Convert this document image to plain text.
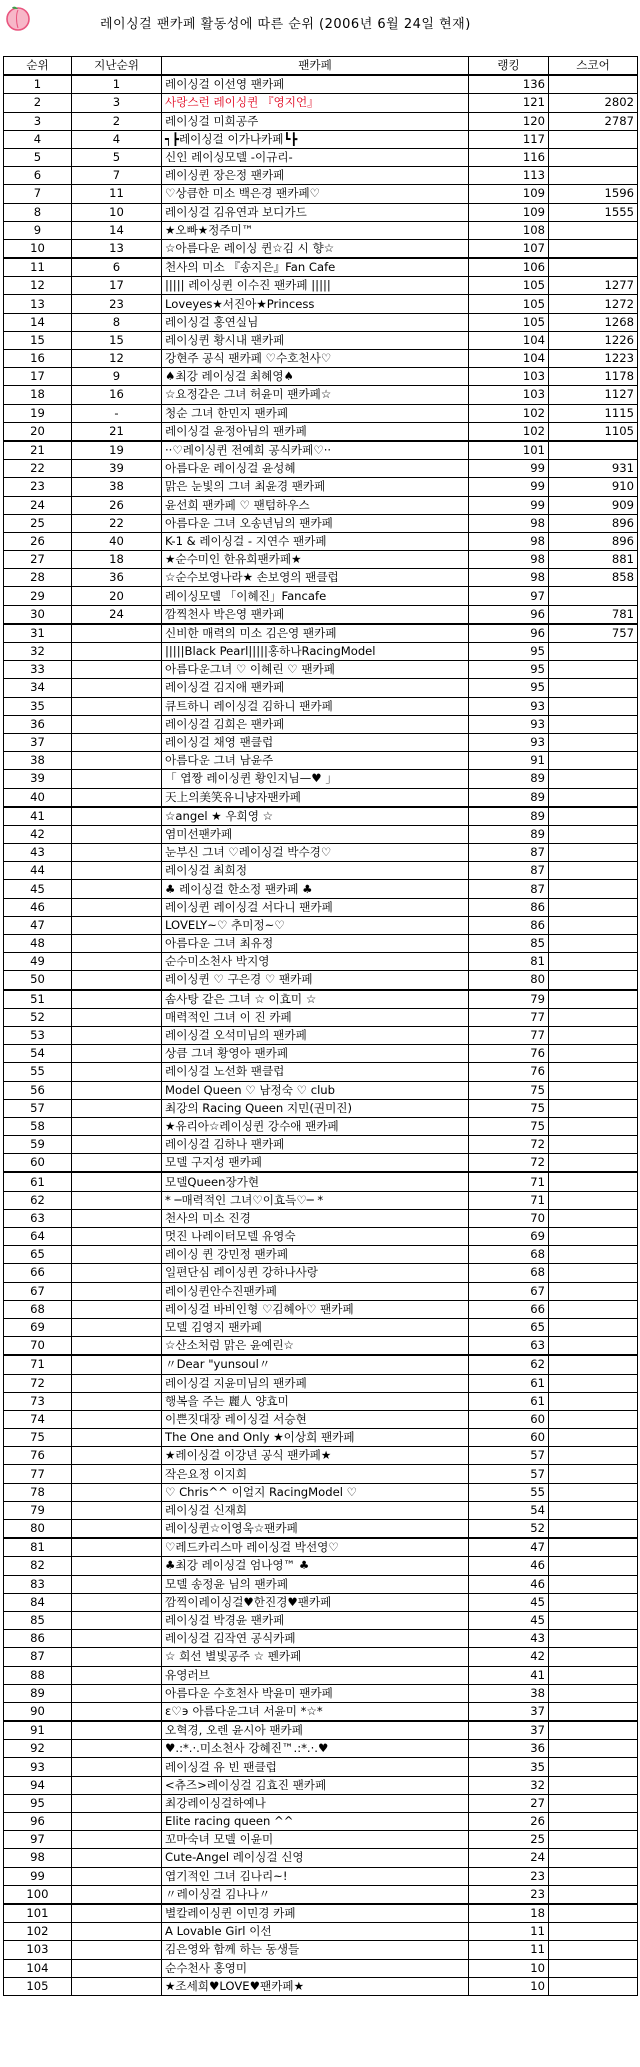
레이싱걸 팬카페 활동성에 따른 순위 (2006년 6월 24일 현재)
순위	지난순위	팬카페	랭킹	스코어
1	1	레이싱걸 이선영 팬카페	136	
2	3	사랑스런 레이싱퀸 『영지언』	121	2802
3	2	레이싱걸 미희공주	120	2787
4	4	┑┣레이싱걸 이가나카페┗┣	117	
5	5	신인 레이싱모델 -이규리-	116	
6	7	레이싱퀸 장은정 팬카페	113	
7	11	♡상큼한 미소 백은경 팬카페♡	109	1596
8	10	레이싱걸 김유연과 보디가드	109	1555
9	14	★오빠★정주미™	108	
10	13	☆아름다운 레이싱 퀸☆김 시 향☆	107	
11	6	천사의 미소 『송지은』Fan Cafe	106	
12	17	||||| 레이싱퀸 이수진 팬카페 |||||	105	1277
13	23	Loveyes★서진아★Princess	105	1272
14	8	레이싱걸 홍연실님	105	1268
15	15	레이싱퀸 황시내 팬카페	104	1226
16	12	강현주 공식 팬카페 ♡수호천사♡	104	1223
17	9	♠최강 레이싱걸 최혜영♠	103	1178
18	16	☆요정같은 그녀 허윤미 팬카페☆	103	1127
19	-	청순 그녀 한민지 팬카페	102	1115
20	21	레이싱걸 윤정아님의 팬카페	102	1105
21	19	··♡레이싱퀸 전예희 공식카페♡··	101	
22	39	아름다운 레이싱걸 윤성혜	99	931
23	38	맑은 눈빛의 그녀 최윤경 팬카페	99	910
24	26	윤선희 팬카페 ♡ 팬텀하우스	99	909
25	22	아름다운 그녀 오송년님의 팬카페	98	896
26	40	K-1 & 레이싱걸 - 지연수 팬카페	98	896
27	18	★순수미인 한유희팬카페★	98	881
28	36	☆순수보영나라★ 손보영의 팬클럽	98	858
29	20	레이싱모델 「이혜진」Fancafe	97	
30	24	깜찍천사 박은영 팬카페	96	781
31		신비한 매력의 미소 김은영 팬카페	96	757
32		|||||Black Pearl|||||홍하나RacingModel	95	
33		아름다운그녀 ♡ 이혜린 ♡ 팬카페	95	
34		레이싱걸 김지애 팬카페	95	
35		큐트하니 레이싱걸 김하니 팬카페	93	
36		레이싱걸 김희은 팬카페	93	
37		레이싱걸 채영 팬클럽	93	
38		아름다운 그녀 남윤주	91	
39		「 엽짱 레이싱퀸 황인지님—♥ 」	89	
40		天上의美笑유니냥자팬카페	89	
41		☆angel ★ 우희영 ☆	89	
42		염미선팬카페	89	
43		눈부신 그녀 ♡레이싱걸 박수경♡	87	
44		레이싱걸 최희정	87	
45		♣ 레이싱걸 한소정 팬카페 ♣	87	
46		레이싱퀸 레이싱걸 서다니 팬카페	86	
47		LOVELY~♡ 추미정~♡	86	
48		아름다운 그녀 최유정	85	
49		순수미소천사 박지영	81	
50		레이싱퀸 ♡ 구은경 ♡ 팬카페	80	
51		솜사탕 같은 그녀 ☆ 이효미 ☆	79	
52		매력적인 그녀 이 진 카페	77	
53		레이싱걸 오석미님의 팬카페	77	
54		상큼 그녀 황영아 팬카페	76	
55		레이싱걸 노선화 팬클럽	76	
56		Model Queen ♡ 남정숙 ♡ club	75	
57		최강의 Racing Queen 지민(권미진)	75	
58		★유리아☆레이싱퀸 강수애 팬카페	75	
59		레이싱걸 김하나 팬카페	72	
60		모델 구지성 팬카페	72	
61		모델Queen장가현	71	
62		* ─매력적인 그녀♡이효득♡─ *	71	
63		천사의 미소 진경	70	
64		멋진 나레이터모델 유영숙	69	
65		레이싱 퀸 강민정 팬카페	68	
66		일편단심 레이싱퀸 강하나사랑	68	
67		레이싱퀸안수진팬카페	67	
68		레이싱걸 바비인형 ♡김혜아♡ 팬카페	66	
69		모델 김영지 팬카페	65	
70		☆산소처럼 맑은 윤예린☆	63	
71		〃Dear "yunsoul〃	62	
72		레이싱걸 지윤미님의 팬카페	61	
73		행복을 주는 麗人 양효미	61	
74		이쁜짓대장 레이싱걸 서승현	60	
75		The One and Only ★이상희 팬카페	60	
76		★레이싱걸 이강년 공식 팬카페★	57	
77		작은요정 이지희	57	
78		♡ Chris^^ 이얼지 RacingModel ♡	55	
79		레이싱걸 신재희	54	
80		레이싱퀸☆이영욱☆팬카페	52	
81		♡레드카리스마 레이싱걸 박선영♡	47	
82		♣최강 레이싱걸 엄나영™ ♣	46	
83		모델 송정윤 님의 팬카페	46	
84		깜찍이레이싱걸♥한진경♥팬카페	45	
85		레이싱걸 박경윤 팬카페	45	
86		레이싱걸 김작연 공식카페	43	
87		☆ 희선 별빛공주 ☆ 펜카페	42	
88		유영러브	41	
89		아름다운 수호천사 박윤미 팬카페	38	
90		ε♡϶ 아름다운그녀 서윤미 *☆*	37	
91		오혁경, 오렌 윤시아 팬카페	37	
92		♥.:*.·.미소천사 강혜진™.:*.·.♥	36	
93		레이싱걸 유 빈 팬클럽	35	
94		<츄즈>레이싱걸 김효진 팬카페	32	
95		최강레이싱걸하예나	27	
96		Elite racing queen ^^	26	
97		꼬마숙녀 모델 이윤미	25	
98		Cute-Angel 레이싱걸 신영	24	
99		엽기적인 그녀 김나리~!	23	
100		〃레이싱걸 김나나〃	23	
101		별칼레이싱퀸 이민경 카페	18	
102		A Lovable Girl 이선	11	
103		김은영와 함께 하는 동생들	11	
104		순수천사 홍영미	10	
105		★조세희♥LOVE♥팬카페★	10	
